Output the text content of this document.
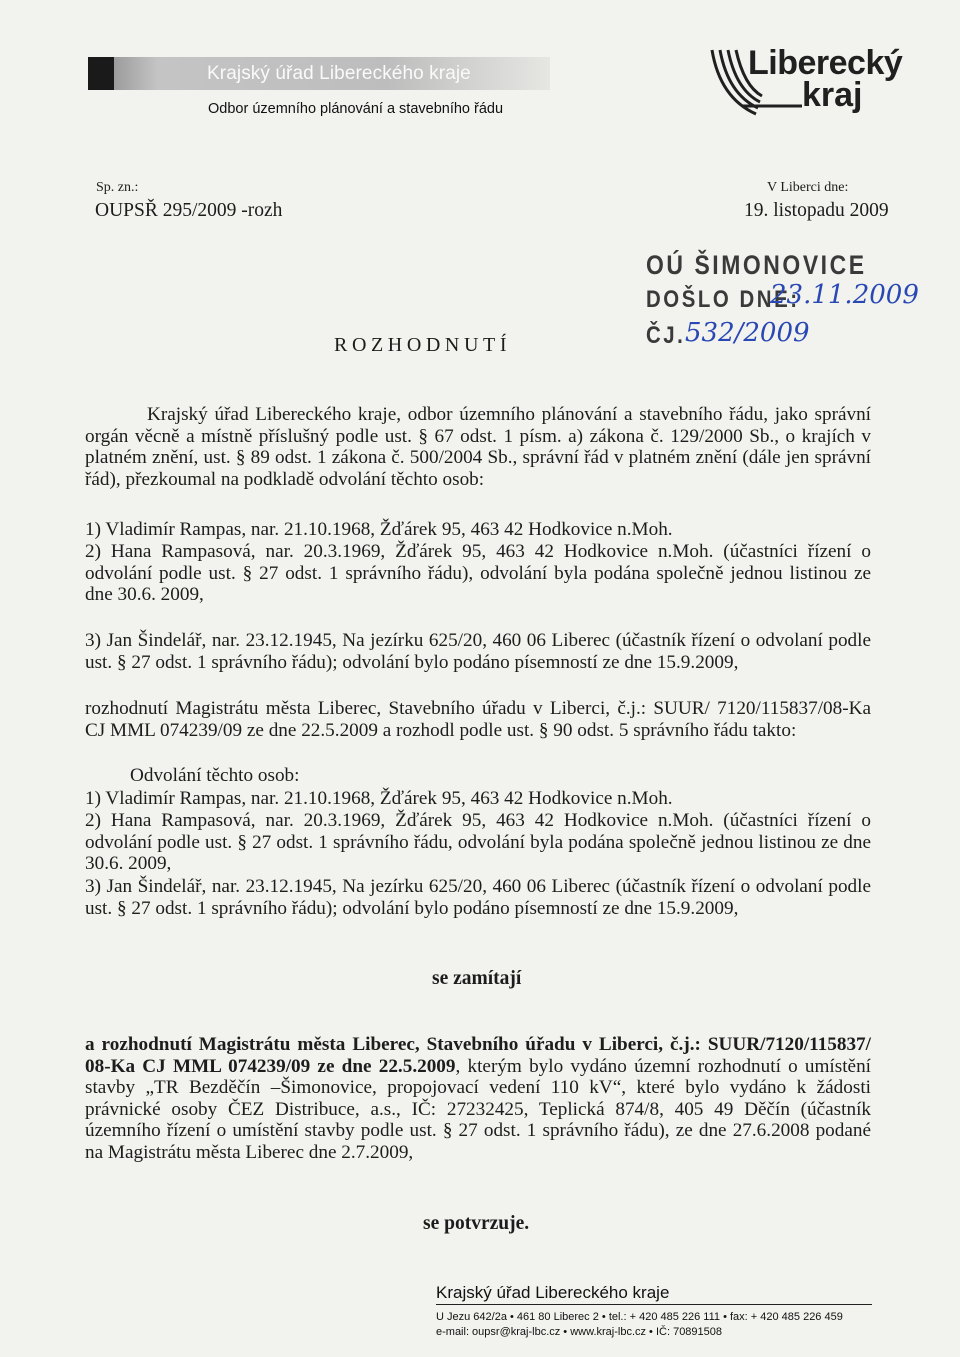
Krajský úřad Libereckého kraje
Odbor územního plánování a stavebního řádu
Liberecký
kraj
Sp. zn.:
OUPSŘ 295/2009 -rozh
V Liberci dne:
19. listopadu 2009
OÚ ŠIMONOVICE
DOŠLO DNE:
23.11.2009
ČJ. 532/2009
ROZHODNUTÍ
Krajský úřad Libereckého kraje, odbor územního plánování a stavebního řádu, jako správní orgán věcně a místně příslušný podle ust. § 67 odst. 1 písm. a) zákona č. 129/2000 Sb., o krajích v platném znění, ust. § 89 odst. 1 zákona č. 500/2004 Sb., správní řád v platném znění (dále jen správní řád), přezkoumal na podkladě odvolání těchto osob:
1) Vladimír Rampas, nar. 21.10.1968, Žďárek 95, 463 42 Hodkovice n.Moh.
2) Hana Rampasová, nar. 20.3.1969, Žďárek 95, 463 42 Hodkovice n.Moh. (účastníci řízení o odvolání podle ust. § 27 odst. 1 správního řádu), odvolání byla podána společně jednou listinou ze dne 30.6. 2009,
3) Jan Šindelář, nar. 23.12.1945, Na jezírku 625/20, 460 06 Liberec (účastník řízení o odvolaní podle ust. § 27 odst. 1 správního řádu); odvolání bylo podáno písemností ze dne 15.9.2009,
rozhodnutí Magistrátu města Liberec, Stavebního úřadu v Liberci, č.j.: SUUR/ 7120/115837/08-Ka CJ MML 074239/09 ze dne 22.5.2009 a rozhodl podle ust. § 90 odst. 5 správního řádu takto:
Odvolání těchto osob:
1) Vladimír Rampas, nar. 21.10.1968, Žďárek 95, 463 42 Hodkovice n.Moh.
2) Hana Rampasová, nar. 20.3.1969, Žďárek 95, 463 42 Hodkovice n.Moh. (účastníci řízení o odvolání podle ust. § 27 odst. 1 správního řádu, odvolání byla podána společně jednou listinou ze dne 30.6. 2009,
3) Jan Šindelář, nar. 23.12.1945, Na jezírku 625/20, 460 06 Liberec (účastník řízení o odvolaní podle ust. § 27 odst. 1 správního řádu); odvolání bylo podáno písemností ze dne 15.9.2009,
se zamítají
a rozhodnutí Magistrátu města Liberec, Stavebního úřadu v Liberci, č.j.: SUUR/7120/115837/ 08-Ka CJ MML 074239/09 ze dne 22.5.2009, kterým bylo vydáno územní rozhodnutí o umístění stavby „TR Bezděčín –Šimonovice, propojovací vedení 110 kV“, které bylo vydáno k žádosti právnické osoby ČEZ Distribuce, a.s., IČ: 27232425, Teplická 874/8, 405 49 Děčín (účastník územního řízení o umístění stavby podle ust. § 27 odst. 1 správního řádu), ze dne 27.6.2008 podané na Magistrátu města Liberec dne 2.7.2009,
se potvrzuje.
Krajský úřad Libereckého kraje
U Jezu 642/2a • 461 80 Liberec 2 • tel.: + 420 485 226 111 • fax: + 420 485 226 459
e-mail: oupsr@kraj-lbc.cz • www.kraj-lbc.cz • IČ: 70891508
